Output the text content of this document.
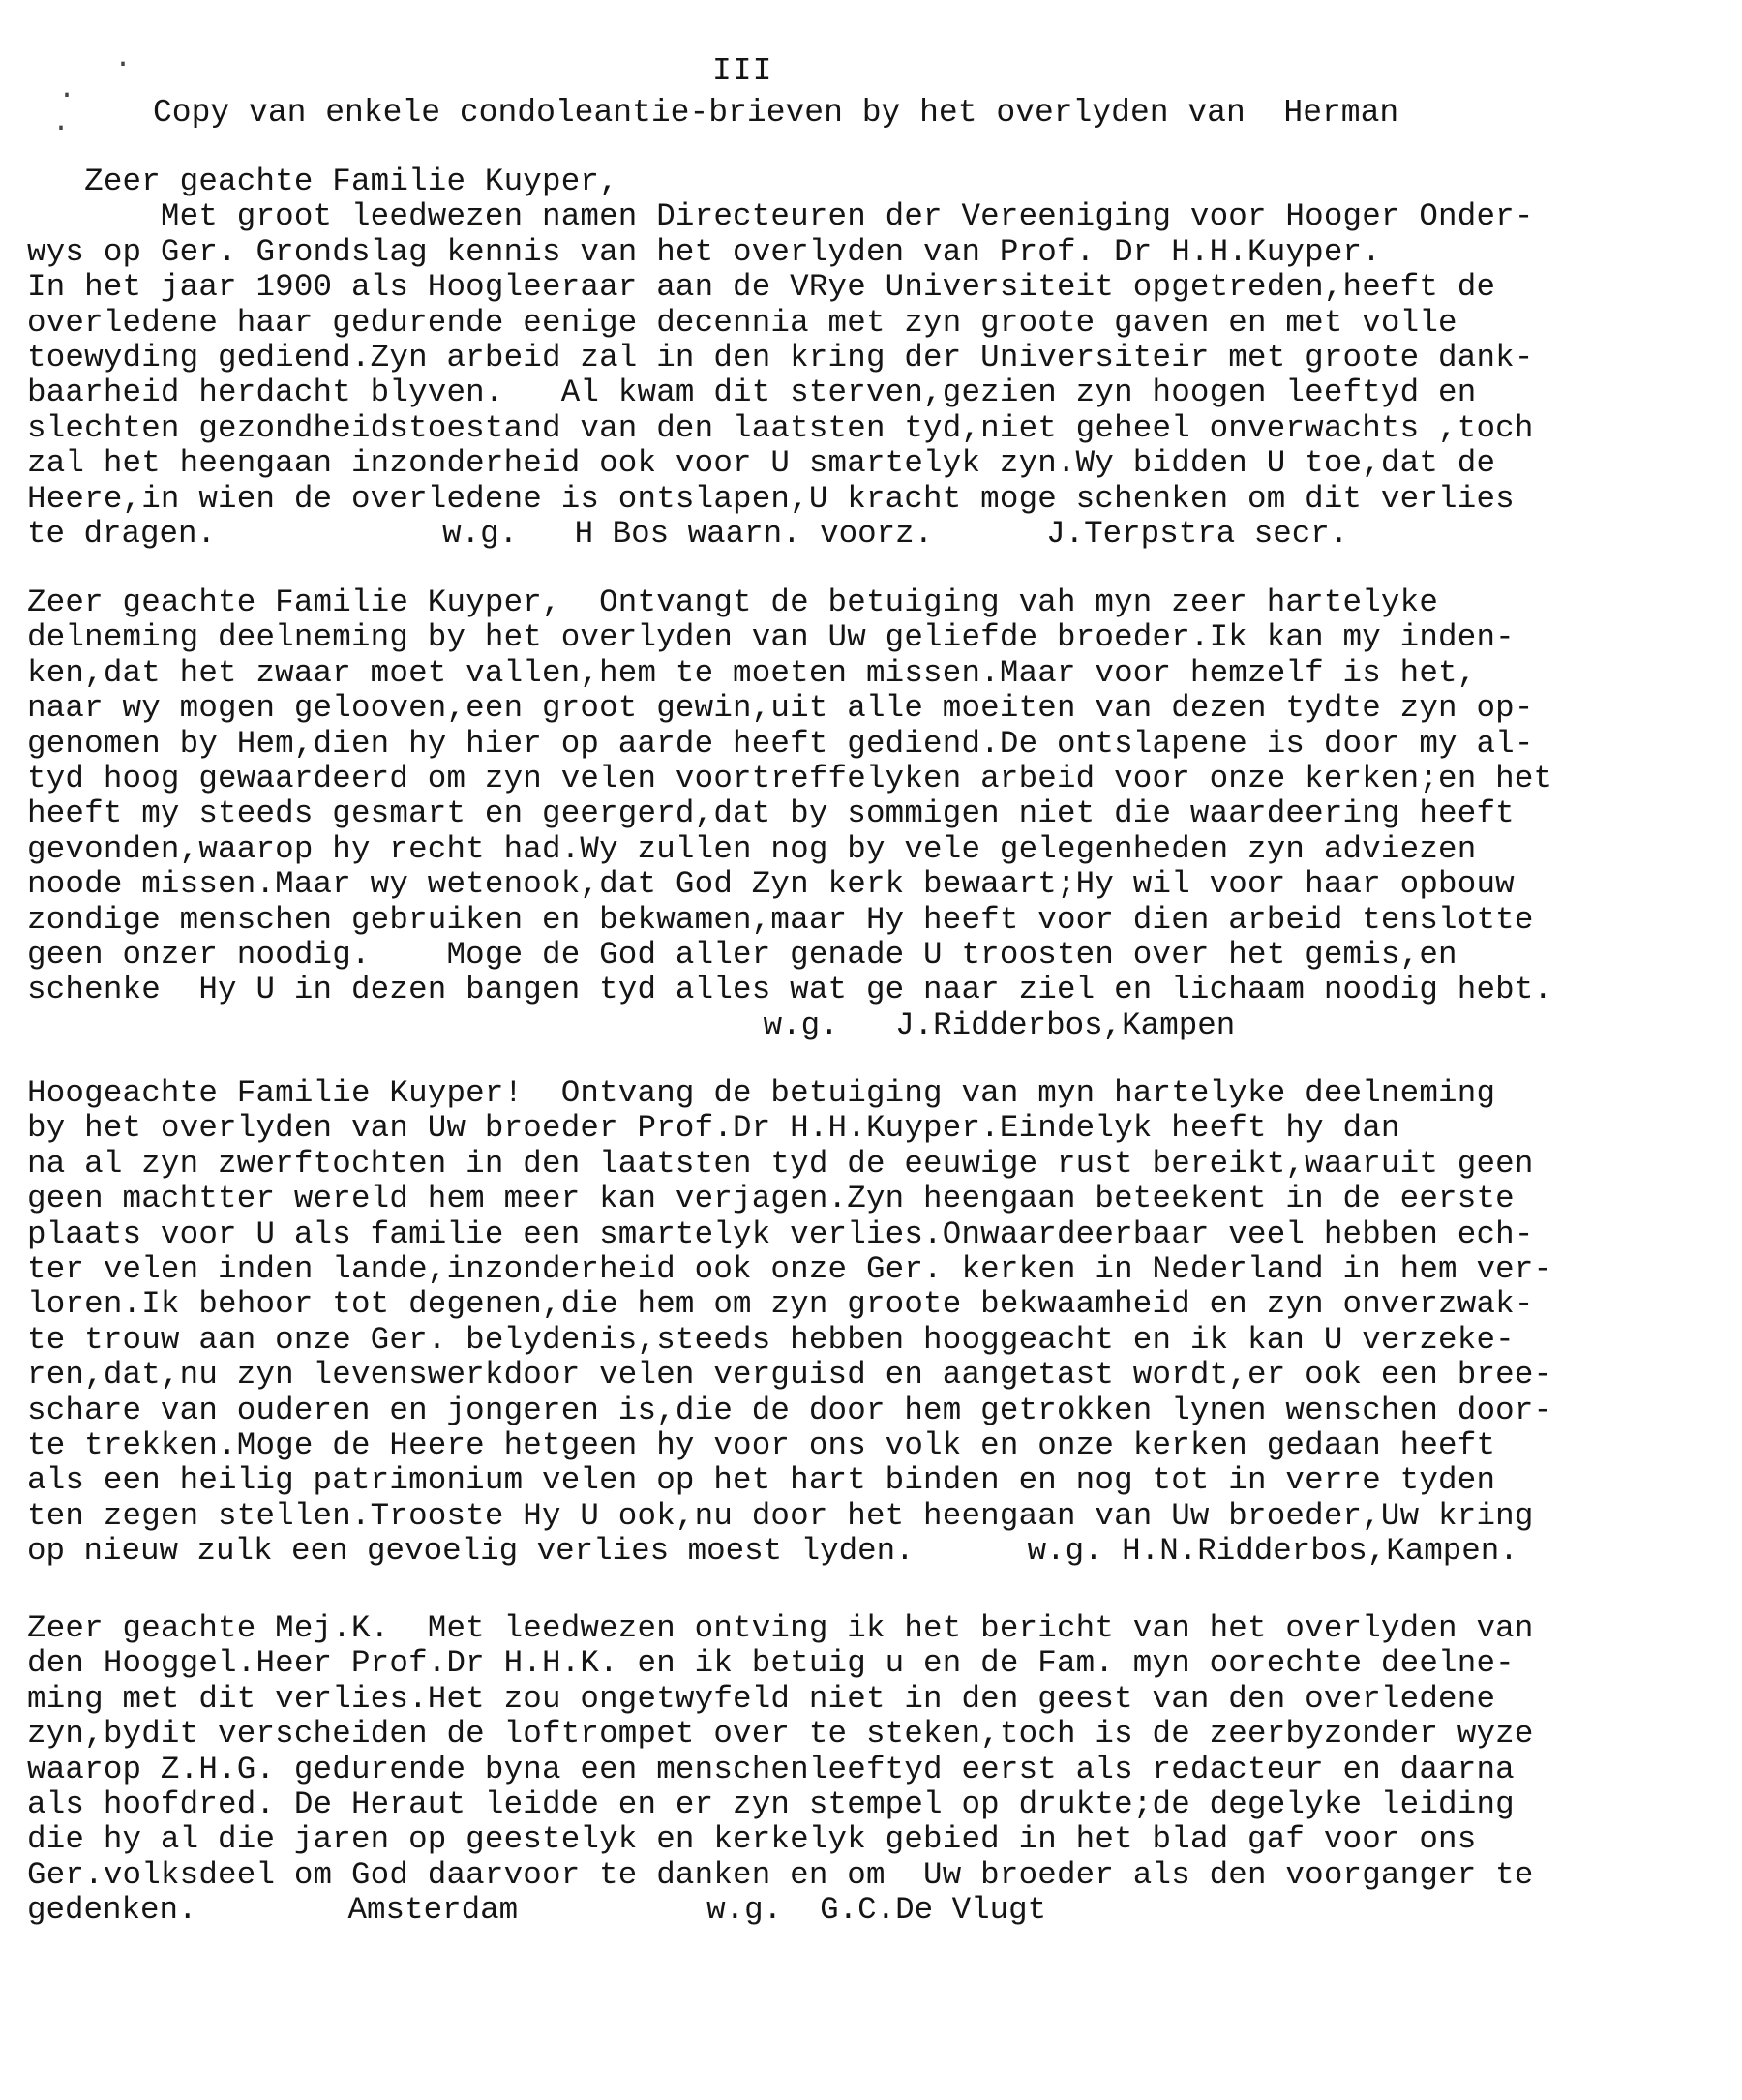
·
·
·
III
Copy van enkele condoleantie-brieven by het overlyden van  Herman
Zeer geachte Familie Kuyper,
Met groot leedwezen namen Directeuren der Vereeniging voor Hooger Onder-
wys op Ger. Grondslag kennis van het overlyden van Prof. Dr H.H.Kuyper.
In het jaar 1900 als Hoogleeraar aan de VRye Universiteit opgetreden,heeft de
overledene haar gedurende eenige decennia met zyn groote gaven en met volle
toewyding gediend.Zyn arbeid zal in den kring der Universiteir met groote dank-
baarheid herdacht blyven.   Al kwam dit sterven,gezien zyn hoogen leeftyd en
slechten gezondheidstoestand van den laatsten tyd,niet geheel onverwachts ,toch
zal het heengaan inzonderheid ook voor U smartelyk zyn.Wy bidden U toe,dat de
Heere,in wien de overledene is ontslapen,U kracht moge schenken om dit verlies
te dragen.            w.g.   H Bos waarn. voorz.      J.Terpstra secr.
Zeer geachte Familie Kuyper,  Ontvangt de betuiging vah myn zeer hartelyke
delneming deelneming by het overlyden van Uw geliefde broeder.Ik kan my inden-
ken,dat het zwaar moet vallen,hem te moeten missen.Maar voor hemzelf is het,
naar wy mogen gelooven,een groot gewin,uit alle moeiten van dezen tydte zyn op-
genomen by Hem,dien hy hier op aarde heeft gediend.De ontslapene is door my al-
tyd hoog gewaardeerd om zyn velen voortreffelyken arbeid voor onze kerken;en het
heeft my steeds gesmart en geergerd,dat by sommigen niet die waardeering heeft
gevonden,waarop hy recht had.Wy zullen nog by vele gelegenheden zyn adviezen
noode missen.Maar wy wetenook,dat God Zyn kerk bewaart;Hy wil voor haar opbouw
zondige menschen gebruiken en bekwamen,maar Hy heeft voor dien arbeid tenslotte
geen onzer noodig.    Moge de God aller genade U troosten over het gemis,en
schenke  Hy U in dezen bangen tyd alles wat ge naar ziel en lichaam noodig hebt.
w.g.   J.Ridderbos,Kampen
Hoogeachte Familie Kuyper!  Ontvang de betuiging van myn hartelyke deelneming
by het overlyden van Uw broeder Prof.Dr H.H.Kuyper.Eindelyk heeft hy dan
na al zyn zwerftochten in den laatsten tyd de eeuwige rust bereikt,waaruit geen
geen machtter wereld hem meer kan verjagen.Zyn heengaan beteekent in de eerste
plaats voor U als familie een smartelyk verlies.Onwaardeerbaar veel hebben ech-
ter velen inden lande,inzonderheid ook onze Ger. kerken in Nederland in hem ver-
loren.Ik behoor tot degenen,die hem om zyn groote bekwaamheid en zyn onverzwak-
te trouw aan onze Ger. belydenis,steeds hebben hooggeacht en ik kan U verzeke-
ren,dat,nu zyn levenswerkdoor velen verguisd en aangetast wordt,er ook een bree-
schare van ouderen en jongeren is,die de door hem getrokken lynen wenschen door-
te trekken.Moge de Heere hetgeen hy voor ons volk en onze kerken gedaan heeft
als een heilig patrimonium velen op het hart binden en nog tot in verre tyden
ten zegen stellen.Trooste Hy U ook,nu door het heengaan van Uw broeder,Uw kring
op nieuw zulk een gevoelig verlies moest lyden.      w.g. H.N.Ridderbos,Kampen.
Zeer geachte Mej.K.  Met leedwezen ontving ik het bericht van het overlyden van
den Hooggel.Heer Prof.Dr H.H.K. en ik betuig u en de Fam. myn oorechte deelne-
ming met dit verlies.Het zou ongetwyfeld niet in den geest van den overledene
zyn,bydit verscheiden de loftrompet over te steken,toch is de zeerbyzonder wyze
waarop Z.H.G. gedurende byna een menschenleeftyd eerst als redacteur en daarna
als hoofdred. De Heraut leidde en er zyn stempel op drukte;de degelyke leiding
die hy al die jaren op geestelyk en kerkelyk gebied in het blad gaf voor ons
Ger.volksdeel om God daarvoor te danken en om  Uw broeder als den voorganger te
gedenken.        Amsterdam          w.g.  G.C.De Vlugt
